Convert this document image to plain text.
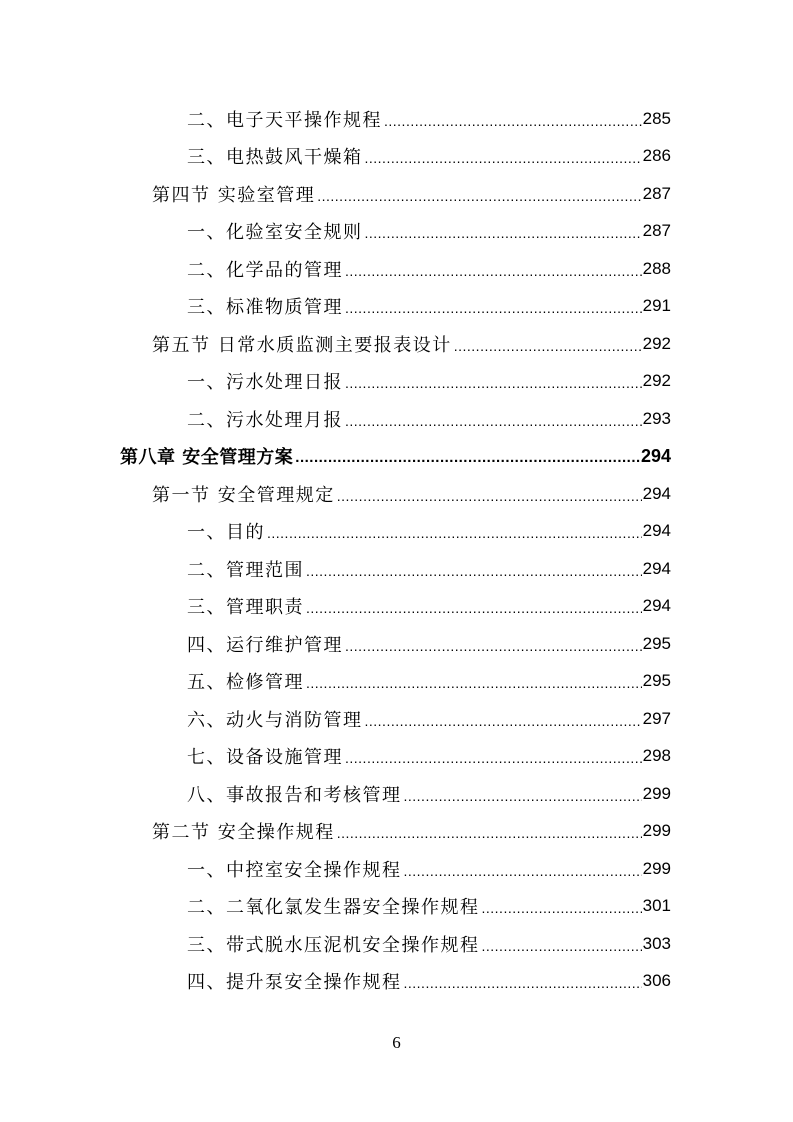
二、电子天平操作规程 .....	285
三、电热鼓风干燥箱 .....	286
第四节 实验室管理 .....	287
一、化验室安全规则 .....	287
二、化学品的管理 .....	288
三、标准物质管理 .....	291
第五节 日常水质监测主要报表设计 .....	292
一、污水处理日报 .....	292
二、污水处理月报 .....	293
第八章 安全管理方案 .....	294
第一节 安全管理规定 .....	294
一、目的 .....	294
二、管理范围 .....	294
三、管理职责 .....	294
四、运行维护管理 .....	295
五、检修管理 .....	295
六、动火与消防管理 .....	297
七、设备设施管理 .....	298
八、事故报告和考核管理 .....	299
第二节 安全操作规程 .....	299
一、中控室安全操作规程 .....	299
二、二氧化氯发生器安全操作规程 .....	301
三、带式脱水压泥机安全操作规程 .....	303
四、提升泵安全操作规程 .....	306
6
